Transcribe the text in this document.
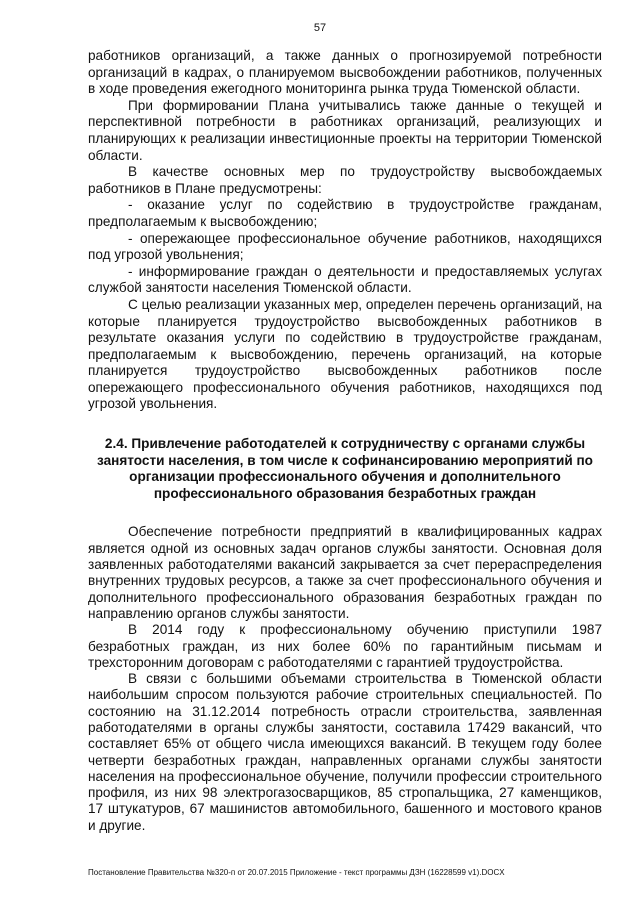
57

работников организаций, а также данных о прогнозируемой потребности организаций в кадрах, о планируемом высвобождении работников, полученных в ходе проведения ежегодного мониторинга рынка труда Тюменской области.

При формировании Плана учитывались также данные о текущей и перспективной потребности в работниках организаций, реализующих и планирующих к реализации инвестиционные проекты на территории Тюменской области.

В качестве основных мер по трудоустройству высвобождаемых работников в Плане предусмотрены:

- оказание услуг по содействию в трудоустройстве гражданам, предполагаемым к высвобождению;

- опережающее профессиональное обучение работников, находящихся под угрозой увольнения;

- информирование граждан о деятельности и предоставляемых услугах службой занятости населения Тюменской области.

С целью реализации указанных мер, определен перечень организаций, на которые планируется трудоустройство высвобожденных работников в результате оказания услуги по содействию в трудоустройстве гражданам, предполагаемым к высвобождению, перечень организаций, на которые планируется трудоустройство высвобожденных работников после опережающего профессионального обучения работников, находящихся под угрозой увольнения.

2.4. Привлечение работодателей к сотрудничеству с органами службы занятости населения, в том числе к софинансированию мероприятий по организации профессионального обучения и дополнительного профессионального образования безработных граждан

Обеспечение потребности предприятий в квалифицированных кадрах является одной из основных задач органов службы занятости. Основная доля заявленных работодателями вакансий закрывается за счет перераспределения внутренних трудовых ресурсов, а также за счет профессионального обучения и дополнительного профессионального образования безработных граждан по направлению органов службы занятости.

В 2014 году к профессиональному обучению приступили 1987 безработных граждан, из них более 60% по гарантийным письмам и трехсторонним договорам с работодателями с гарантией трудоустройства.

В связи с большими объемами строительства в Тюменской области наибольшим спросом пользуются рабочие строительных специальностей. По состоянию на 31.12.2014 потребность отрасли строительства, заявленная работодателями в органы службы занятости, составила 17429 вакансий, что составляет 65% от общего числа имеющихся вакансий. В текущем году более четверти безработных граждан, направленных органами службы занятости населения на профессиональное обучение, получили профессии строительного профиля, из них 98 электрогазосварщиков, 85 стропальщика, 27 каменщиков, 17 штукатуров, 67 машинистов автомобильного, башенного и мостового кранов и другие.

Постановление Правительства №320-п от 20.07.2015 Приложение - текст программы ДЗН (16228599 v1).DOCX
